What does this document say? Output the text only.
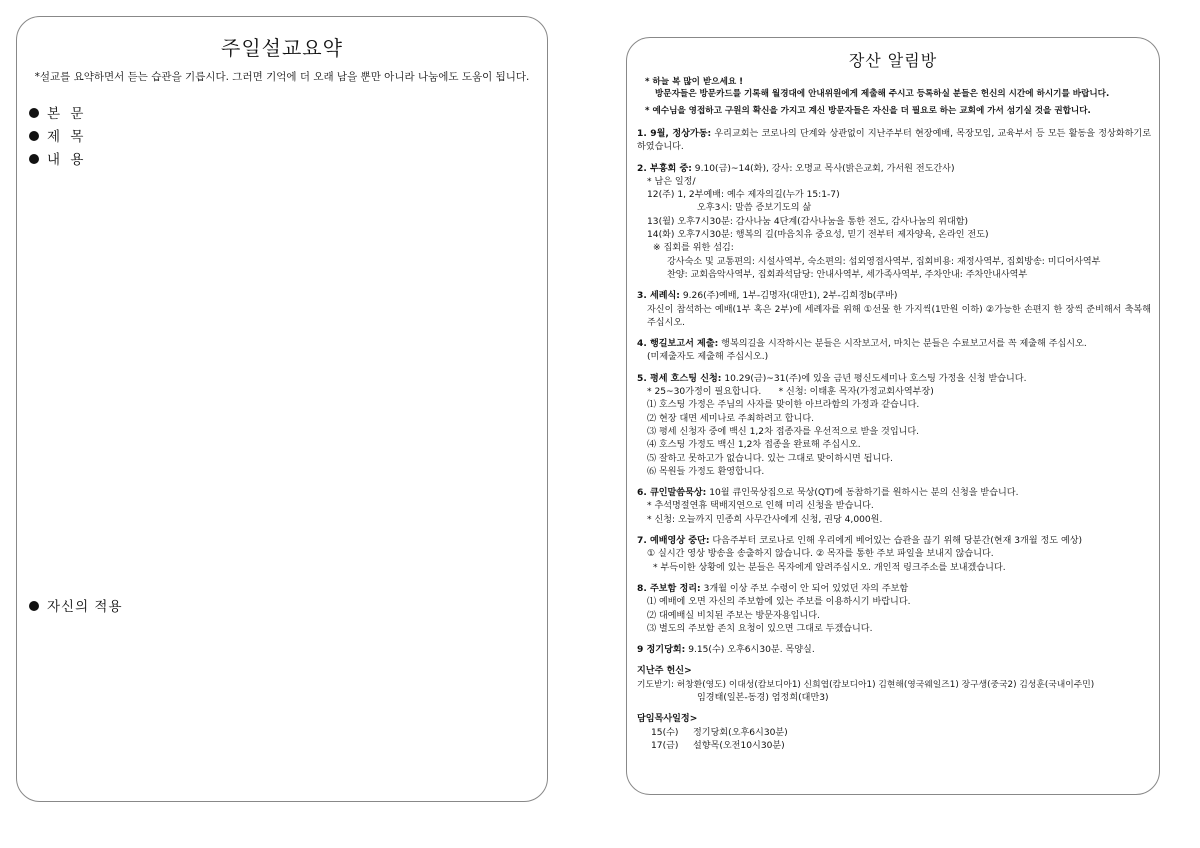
주일설교요약
*설교를 요약하면서 듣는 습관을 기릅시다. 그러면 기억에 더 오래 남을 뿐만 아니라 나눔에도 도움이 됩니다.
본 문
제 목
내 용
자신의 적용
장산 알림방
* 하늘 복 많이 받으세요 !
방문자들은 방문카드를 기록해 월경대에 안내위원에게 제출해 주시고 등록하실 분들은 헌신의 시간에 하시기를 바랍니다.
* 예수님을 영접하고 구원의 확신을 가지고 계신 방문자들은 자신을 더 필요로 하는 교회에 가서 섬기실 것을 권합니다.
1. 9월, 정상가동: 우리교회는 코로나의 단계와 상관없이 지난주부터 현장예배, 목장모임, 교육부서 등 모든 활동을 정상화하기로 하였습니다.
2. 부흥회 중: 9.10(금)~14(화), 강사: 오명교 목사(밝은교회, 가서원 전도간사)
* 남은 일정/
12(주) 1, 2부예배: 예수 제자의길(누가 15:1-7)
오후3시: 말씀 증보기도의 삶
13(월) 오후7시30분: 감사나눔 4단계(감사나눔을 통한 전도, 감사나눔의 위대함)
14(화) 오후7시30분: 행복의 길(마음치유 중요성, 믿기 전부터 제자양육, 온라인 전도)
※ 집회를 위한 섬김:
강사숙소 및 교통편의: 시설사역부, 숙소편의: 섭외영접사역부, 집회비용: 재정사역부, 집회방송: 미디어사역부
찬양: 교회음악사역부, 집회좌석담당: 안내사역부, 세가족사역부, 주차안내: 주차안내사역부
3. 세례식: 9.26(주)예배, 1부-김명자(대만1), 2부-김희정b(쿠바)
자신이 참석하는 예배(1부 혹은 2부)에 세례자를 위해 ①선물 한 가지씩(1만원 이하) ②가능한 손편지 한 장씩 준비해서 축복해 주십시오.
4. 행길보고서 제출: 행복의길을 시작하시는 분들은 시작보고서, 마치는 분들은 수료보고서를 꼭 제출해 주십시오.
(미제출자도 제출해 주십시오.)
5. 평세 호스팅 신청: 10.29(금)~31(주)에 있을 금년 평신도세미나 호스팅 가정을 신청 받습니다.
* 25~30가정이 필요합니다.      * 신청: 이태훈 목자(가정교회사역부장)
⑴ 호스팅 가정은 주님의 사자를 맞이한 아브라함의 가정과 같습니다.
⑵ 현장 대면 세미나로 주최하려고 합니다.
⑶ 평세 신청자 중에 백신 1,2차 접종자를 우선적으로 받을 것입니다.
⑷ 호스팅 가정도 백신 1,2차 접종을 완료해 주십시오.
⑸ 잘하고 못하고가 없습니다. 있는 그대로 맞이하시면 됩니다.
⑹ 목원들 가정도 환영합니다.
6. 큐인말씀묵상: 10월 큐인묵상집으로 묵상(QT)에 동참하기를 원하시는 분의 신청을 받습니다.
* 추석명절연휴 택배지연으로 인해 미리 신청을 받습니다.
* 신청: 오늘까지 민종희 사무간사에게 신청, 권당 4,000원.
7. 예배영상 중단: 다음주부터 코로나로 인해 우리에게 베어있는 습관을 끊기 위해 당분간(현재 3개월 정도 예상)
① 실시간 영상 방송을 송출하지 않습니다. ② 목자를 통한 주보 파일을 보내지 않습니다.
* 부득이한 상황에 있는 분들은 목자에게 알려주십시오. 개인적 링크주소를 보내겠습니다.
8. 주보함 정리: 3개월 이상 주보 수령이 안 되어 있었던 자의 주보함
⑴ 예배에 오면 자신의 주보함에 있는 주보를 이용하시기 바랍니다.
⑵ 대예배실 비치된 주보는 방문자용입니다.
⑶ 별도의 주보함 존치 요청이 있으면 그대로 두겠습니다.
9 정기당회: 9.15(수) 오후6시30분. 목양실.
지난주 헌신>
기도받기: 허창환(영도) 이대성(캄보디아1) 신희엽(캄보디아1) 김현해(영국웨일즈1) 장구생(중국2) 김성훈(국내이주민)
임경태(일본-동경) 엄정희(대만3)
담임목사일정>
15(수)	정기당회(오후6시30분)
17(금)	설향목(오전10시30분)
